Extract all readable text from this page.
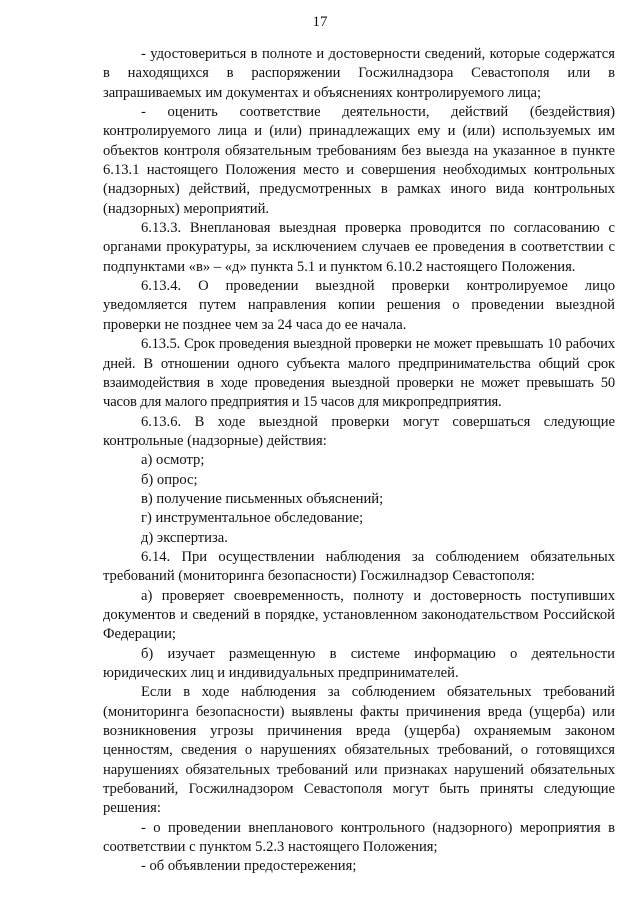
17

- удостовериться в полноте и достоверности сведений, которые содержатся в находящихся в распоряжении Госжилнадзора Севастополя или в запрашиваемых им документах и объяснениях контролируемого лица;

- оценить соответствие деятельности, действий (бездействия) контролируемого лица и (или) принадлежащих ему и (или) используемых им объектов контроля обязательным требованиям без выезда на указанное в пункте 6.13.1 настоящего Положения место и совершения необходимых контрольных (надзорных) действий, предусмотренных в рамках иного вида контрольных (надзорных) мероприятий.

6.13.3. Внеплановая выездная проверка проводится по согласованию с органами прокуратуры, за исключением случаев ее проведения в соответствии с подпунктами «в» – «д» пункта 5.1 и пунктом 6.10.2 настоящего Положения.

6.13.4. О проведении выездной проверки контролируемое лицо уведомляется путем направления копии решения о проведении выездной проверки не позднее чем за 24 часа до ее начала.

6.13.5. Срок проведения выездной проверки не может превышать 10 рабочих дней. В отношении одного субъекта малого предпринимательства общий срок взаимодействия в ходе проведения выездной проверки не может превышать 50 часов для малого предприятия и 15 часов для микропредприятия.

6.13.6. В ходе выездной проверки могут совершаться следующие контрольные (надзорные) действия:

а) осмотр;

б) опрос;

в) получение письменных объяснений;

г) инструментальное обследование;

д) экспертиза.

6.14. При осуществлении наблюдения за соблюдением обязательных требований (мониторинга безопасности) Госжилнадзор Севастополя:

а) проверяет своевременность, полноту и достоверность поступивших документов и сведений в порядке, установленном законодательством Российской Федерации;

б) изучает размещенную в системе информацию о деятельности юридических лиц и индивидуальных предпринимателей.

Если в ходе наблюдения за соблюдением обязательных требований (мониторинга безопасности) выявлены факты причинения вреда (ущерба) или возникновения угрозы причинения вреда (ущерба) охраняемым законом ценностям, сведения о нарушениях обязательных требований, о готовящихся нарушениях обязательных требований или признаках нарушений обязательных требований, Госжилнадзором Севастополя могут быть приняты следующие решения:

- о проведении внепланового контрольного (надзорного) мероприятия в соответствии с пунктом 5.2.3 настоящего Положения;

- об объявлении предостережения;
